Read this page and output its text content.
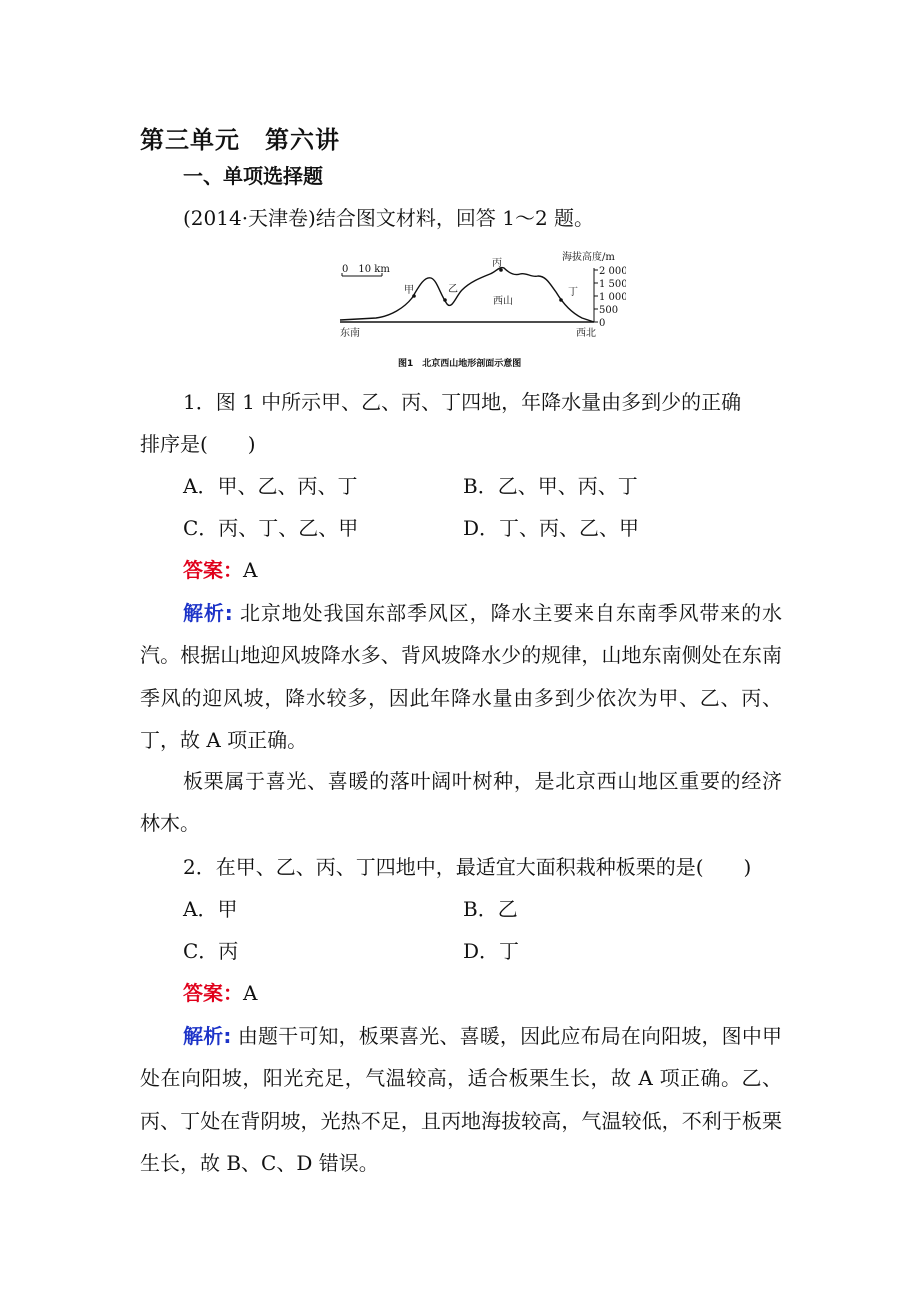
第三单元　第六讲
一、单项选择题
(2014·天津卷)结合图文材料，回答 1～2 题。
0　10 km
海拔高度/m
2 000
1 500
1 000
500
0
甲	乙
丙
丁
西山
东南	西北
图1　北京西山地形剖面示意图
1．图 1 中所示甲、乙、丙、丁四地，年降水量由多到少的正确
排序是(　　)
A．甲、乙、丙、丁	B．乙、甲、丙、丁
C．丙、丁、乙、甲	D．丁、丙、乙、甲
答案：A
解析: 北京地处我国东部季风区，降水主要来自东南季风带来的水汽。根据山地迎风坡降水多、背风坡降水少的规律，山地东南侧处在东南季风的迎风坡，降水较多，因此年降水量由多到少依次为甲、乙、丙、丁，故 A 项正确。
板栗属于喜光、喜暖的落叶阔叶树种，是北京西山地区重要的经济林木。
2．在甲、乙、丙、丁四地中，最适宜大面积栽种板栗的是(　　)
A．甲	B．乙
C．丙	D．丁
答案：A
解析: 由题干可知，板栗喜光、喜暖，因此应布局在向阳坡，图中甲处在向阳坡，阳光充足，气温较高，适合板栗生长，故 A 项正确。乙、丙、丁处在背阴坡，光热不足，且丙地海拔较高，气温较低，不利于板栗生长，故 B、C、D 错误。
